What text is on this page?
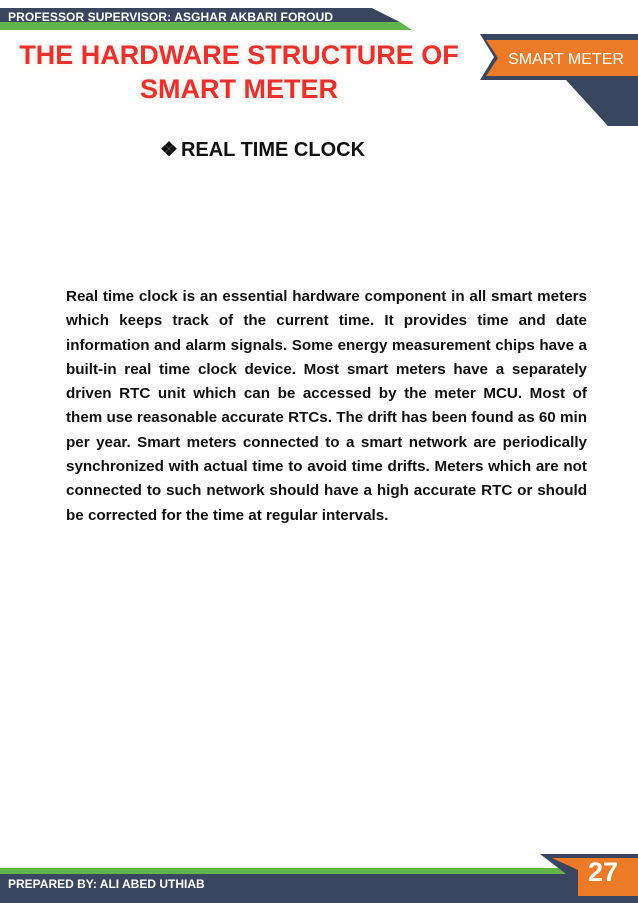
PROFESSOR SUPERVISOR: ASGHAR AKBARI FOROUD
THE HARDWARE STRUCTURE OF
SMART METER
SMART METER
❖ REAL TIME CLOCK

Real time clock is an essential hardware component in all smart meters which keeps track of the current time. It provides time and date information and alarm signals. Some energy measurement chips have a built-in real time clock device. Most smart meters have a separately driven RTC unit which can be accessed by the meter MCU. Most of them use reasonable accurate RTCs. The drift has been found as 60 min per year. Smart meters connected to a smart network are periodically synchronized with actual time to avoid time drifts. Meters which are not connected to such network should have a high accurate RTC or should be corrected for the time at regular intervals.

PREPARED BY: ALI ABED UTHIAB	27
